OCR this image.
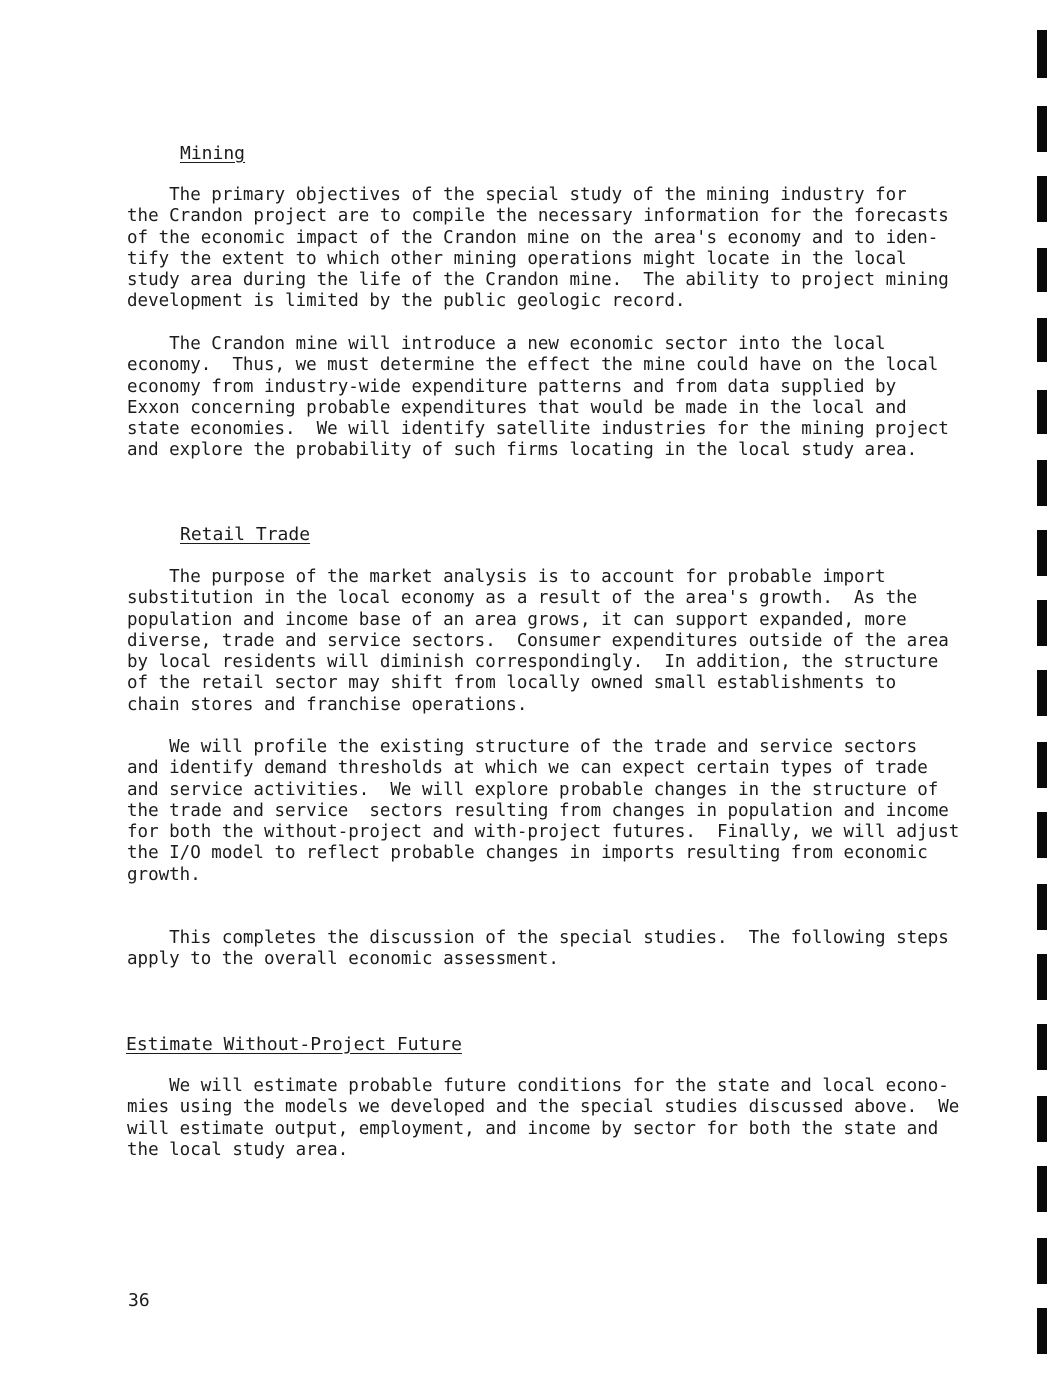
Mining
The primary objectives of the special study of the mining industry for
the Crandon project are to compile the necessary information for the forecasts
of the economic impact of the Crandon mine on the area's economy and to iden-
tify the extent to which other mining operations might locate in the local
study area during the life of the Crandon mine.  The ability to project mining
development is limited by the public geologic record.
The Crandon mine will introduce a new economic sector into the local
economy.  Thus, we must determine the effect the mine could have on the local
economy from industry-wide expenditure patterns and from data supplied by
Exxon concerning probable expenditures that would be made in the local and
state economies.  We will identify satellite industries for the mining project
and explore the probability of such firms locating in the local study area.
Retail Trade
The purpose of the market analysis is to account for probable import
substitution in the local economy as a result of the area's growth.  As the
population and income base of an area grows, it can support expanded, more
diverse, trade and service sectors.  Consumer expenditures outside of the area
by local residents will diminish correspondingly.  In addition, the structure
of the retail sector may shift from locally owned small establishments to
chain stores and franchise operations.
We will profile the existing structure of the trade and service sectors
and identify demand thresholds at which we can expect certain types of trade
and service activities.  We will explore probable changes in the structure of
the trade and service  sectors resulting from changes in population and income
for both the without-project and with-project futures.  Finally, we will adjust
the I/O model to reflect probable changes in imports resulting from economic
growth.
This completes the discussion of the special studies.  The following steps
apply to the overall economic assessment.
Estimate Without-Project Future
We will estimate probable future conditions for the state and local econo-
mies using the models we developed and the special studies discussed above.  We
will estimate output, employment, and income by sector for both the state and
the local study area.
36
